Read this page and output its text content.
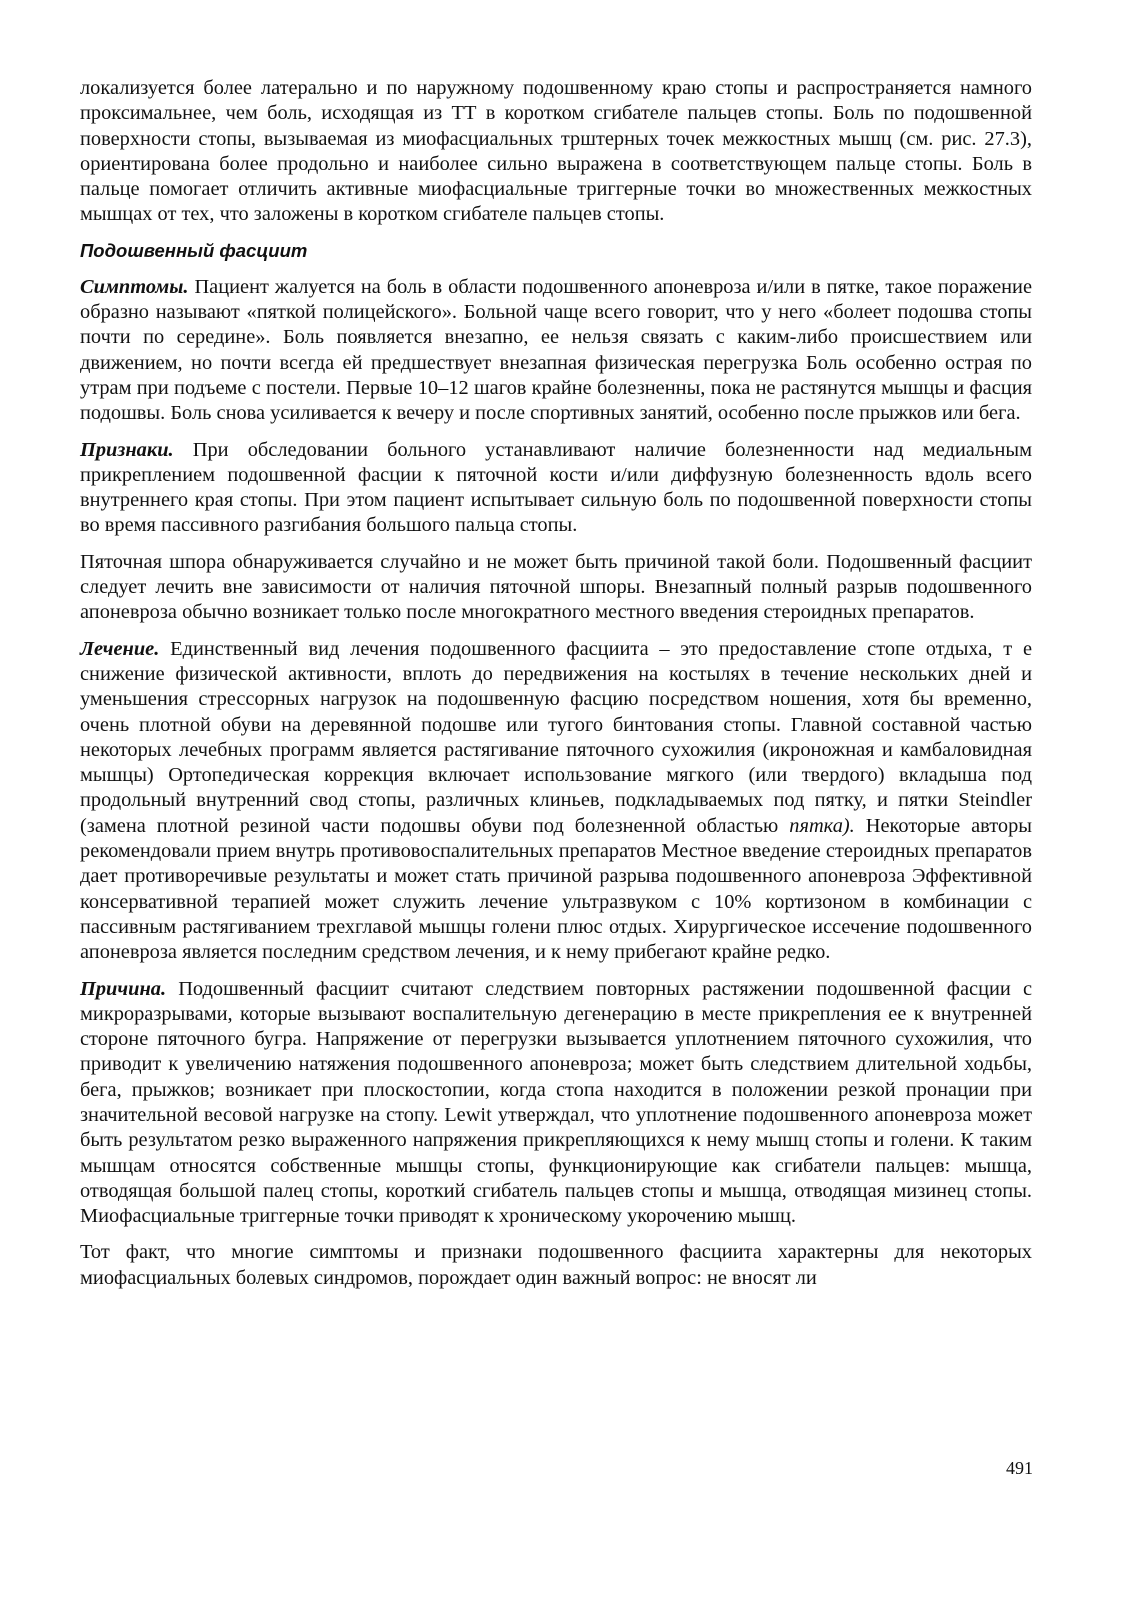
локализуется более латерально и по наружному подошвенному краю стопы и распространяется намного проксимальнее, чем боль, исходящая из ТТ в коротком сгибателе пальцев стопы. Боль по подошвенной поверхности стопы, вызываемая из миофасциальных трштерных точек межкостных мышц (см. рис. 27.3), ориентирована более продольно и наиболее сильно выражена в соответствующем пальце стопы. Боль в пальце помогает отличить активные миофасциальные триггерные точки во множественных межкостных мышцах от тех, что заложены в коротком сгибателе пальцев стопы.

Подошвенный фасциит

Симптомы. Пациент жалуется на боль в области подошвенного апоневроза и/или в пятке, такое поражение образно называют «пяткой полицейского». Больной чаще всего говорит, что у него «болеет подошва стопы почти по середине». Боль появляется внезапно, ее нельзя связать с каким-либо происшествием или движением, но почти всегда ей предшествует внезапная физическая перегрузка Боль особенно острая по утрам при подъеме с постели. Первые 10–12 шагов крайне болезненны, пока не растянутся мышцы и фасция подошвы. Боль снова усиливается к вечеру и после спортивных занятий, особенно после прыжков или бега.

Признаки. При обследовании больного устанавливают наличие болезненности над медиальным прикреплением подошвенной фасции к пяточной кости и/или диффузную болезненность вдоль всего внутреннего края стопы. При этом пациент испытывает сильную боль по подошвенной поверхности стопы во время пассивного разгибания большого пальца стопы.

Пяточная шпора обнаруживается случайно и не может быть причиной такой боли. Подошвенный фасциит следует лечить вне зависимости от наличия пяточной шпоры. Внезапный полный разрыв подошвенного апоневроза обычно возникает только после многократного местного введения стероидных препаратов.

Лечение. Единственный вид лечения подошвенного фасциита – это предоставление стопе отдыха, т е снижение физической активности, вплоть до передвижения на костылях в течение нескольких дней и уменьшения стрессорных нагрузок на подошвенную фасцию посредством ношения, хотя бы временно, очень плотной обуви на деревянной подошве или тугого бинтования стопы. Главной составной частью некоторых лечебных программ является растягивание пяточного сухожилия (икроножная и камбаловидная мышцы) Ортопедическая коррекция включает использование мягкого (или твердого) вкладыша под продольный внутренний свод стопы, различных клиньев, подкладываемых под пятку, и пятки Steindler (замена плотной резиной части подошвы обуви под болезненной областью пятка). Некоторые авторы рекомендовали прием внутрь противовоспалительных препаратов Местное введение стероидных препаратов дает противоречивые результаты и может стать причиной разрыва подошвенного апоневроза Эффективной консервативной терапией может служить лечение ультразвуком с 10% кортизоном в комбинации с пассивным растягиванием трехглавой мышцы голени плюс отдых. Хирургическое иссечение подошвенного апоневроза является последним средством лечения, и к нему прибегают крайне редко.

Причина. Подошвенный фасциит считают следствием повторных растяжении подошвенной фасции с микроразрывами, которые вызывают воспалительную дегенерацию в месте прикрепления ее к внутренней стороне пяточного бугра. Напряжение от перегрузки вызывается уплотнением пяточного сухожилия, что приводит к увеличению натяжения подошвенного апоневроза; может быть следствием длительной ходьбы, бега, прыжков; возникает при плоскостопии, когда стопа находится в положении резкой пронации при значительной весовой нагрузке на стопу. Lewit утверждал, что уплотнение подошвенного апоневроза может быть результатом резко выраженного напряжения прикрепляющихся к нему мышц стопы и голени. К таким мышцам относятся собственные мышцы стопы, функционирующие как сгибатели пальцев: мышца, отводящая большой палец стопы, короткий сгибатель пальцев стопы и мышца, отводящая мизинец стопы. Миофасциальные триггерные точки приводят к хроническому укорочению мышц.

Тот факт, что многие симптомы и признаки подошвенного фасциита характерны для некоторых миофасциальных болевых синдромов, порождает один важный вопрос: не вносят ли

491
